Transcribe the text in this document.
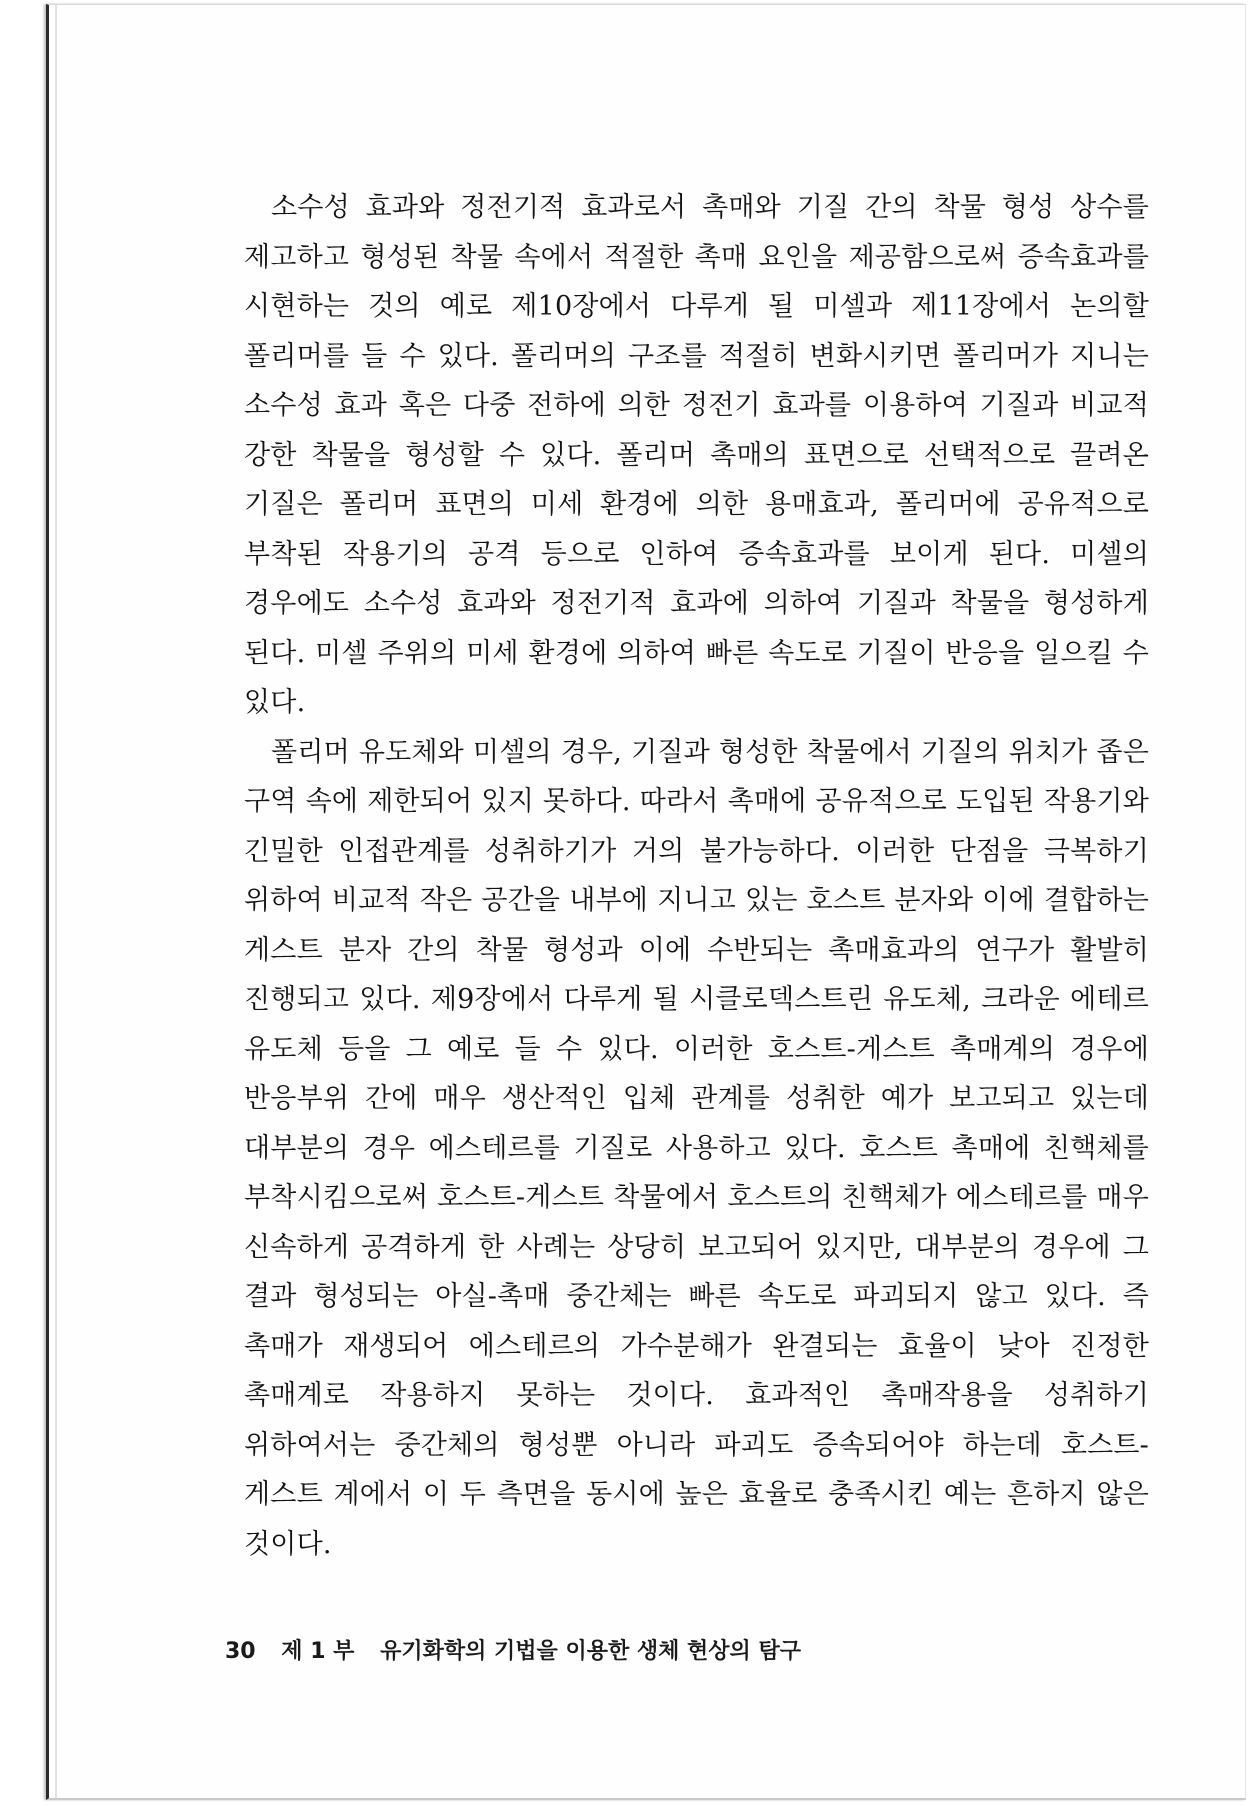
소수성 효과와 정전기적 효과로서 촉매와 기질 간의 착물 형성 상수를 제고하고 형성된 착물 속에서 적절한 촉매 요인을 제공함으로써 증속효과를 시현하는 것의 예로 제10장에서 다루게 될 미셀과 제11장에서 논의할 폴리머를 들 수 있다. 폴리머의 구조를 적절히 변화시키면 폴리머가 지니는 소수성 효과 혹은 다중 전하에 의한 정전기 효과를 이용하여 기질과 비교적 강한 착물을 형성할 수 있다. 폴리머 촉매의 표면으로 선택적으로 끌려온 기질은 폴리머 표면의 미세 환경에 의한 용매효과, 폴리머에 공유적으로 부착된 작용기의 공격 등으로 인하여 증속효과를 보이게 된다. 미셀의 경우에도 소수성 효과와 정전기적 효과에 의하여 기질과 착물을 형성하게 된다. 미셀 주위의 미세 환경에 의하여 빠른 속도로 기질이 반응을 일으킬 수 있다.

폴리머 유도체와 미셀의 경우, 기질과 형성한 착물에서 기질의 위치가 좁은 구역 속에 제한되어 있지 못하다. 따라서 촉매에 공유적으로 도입된 작용기와 긴밀한 인접관계를 성취하기가 거의 불가능하다. 이러한 단점을 극복하기 위하여 비교적 작은 공간을 내부에 지니고 있는 호스트 분자와 이에 결합하는 게스트 분자 간의 착물 형성과 이에 수반되는 촉매효과의 연구가 활발히 진행되고 있다. 제9장에서 다루게 될 시클로덱스트린 유도체, 크라운 에테르 유도체 등을 그 예로 들 수 있다. 이러한 호스트-게스트 촉매계의 경우에 반응부위 간에 매우 생산적인 입체 관계를 성취한 예가 보고되고 있는데 대부분의 경우 에스테르를 기질로 사용하고 있다. 호스트 촉매에 친핵체를 부착시킴으로써 호스트-게스트 착물에서 호스트의 친핵체가 에스테르를 매우 신속하게 공격하게 한 사례는 상당히 보고되어 있지만, 대부분의 경우에 그 결과 형성되는 아실-촉매 중간체는 빠른 속도로 파괴되지 않고 있다. 즉 촉매가 재생되어 에스테르의 가수분해가 완결되는 효율이 낮아 진정한 촉매계로 작용하지 못하는 것이다. 효과적인 촉매작용을 성취하기 위하여서는 중간체의 형성뿐 아니라 파괴도 증속되어야 하는데 호스트-게스트 계에서 이 두 측면을 동시에 높은 효율로 충족시킨 예는 흔하지 않은 것이다.

30 제 1 부 유기화학의 기법을 이용한 생체 현상의 탐구
